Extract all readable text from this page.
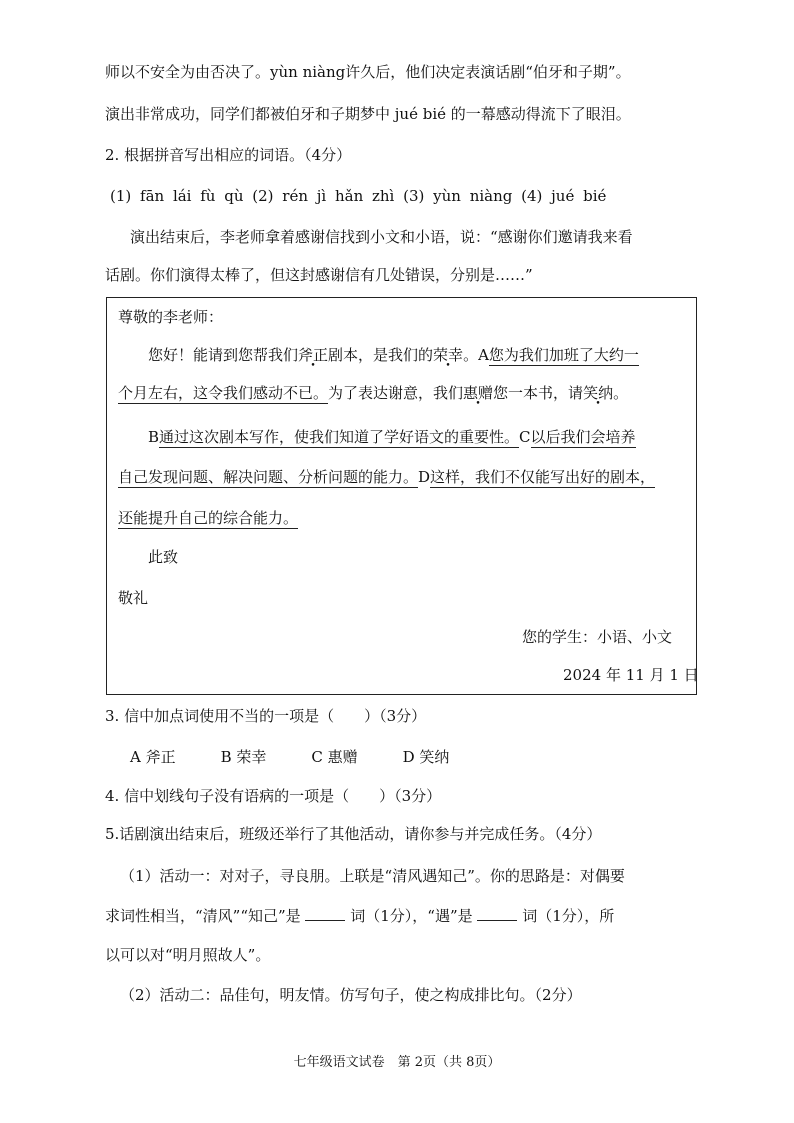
师以不安全为由否决了。yùn niàng许久后，他们决定表演话剧“伯牙和子期”。
演出非常成功，同学们都被伯牙和子期梦中 jué bié 的一幕感动得流下了眼泪。
2. 根据拼音写出相应的词语。（4分）
(1) fān lái fù qù (2) rén jì hǎn zhì (3) yùn niàng (4) jué bié
演出结束后，李老师拿着感谢信找到小文和小语，说：“感谢你们邀请我来看
话剧。你们演得太棒了，但这封感谢信有几处错误，分别是……”
尊敬的李老师：
您好！能请到您帮我们斧正剧本，是我们的荣幸。A您为我们加班了大约一
个月左右，这令我们感动不已。为了表达谢意，我们惠赠您一本书，请笑纳。
B通过这次剧本写作，使我们知道了学好语文的重要性。C以后我们会培养
自己发现问题、解决问题、分析问题的能力。D这样，我们不仅能写出好的剧本，
还能提升自己的综合能力。
此致
敬礼
您的学生：小语、小文
2024 年 11 月 1 日
3. 信中加点词使用不当的一项是（　　）（3分）
A 斧正　　　B 荣幸　　　C 惠赠　　　D 笑纳
4. 信中划线句子没有语病的一项是（　　）（3分）
5.话剧演出结束后，班级还举行了其他活动，请你参与并完成任务。（4分）
（1）活动一：对对子，寻良朋。上联是“清风遇知己”。你的思路是：对偶要
求词性相当，“清风”“知己”是	词（1分），“遇”是	词（1分），所
以可以对“明月照故人”。
（2）活动二：品佳句，明友情。仿写句子，使之构成排比句。（2分）
七年级语文试卷　第 2页（共 8页）
